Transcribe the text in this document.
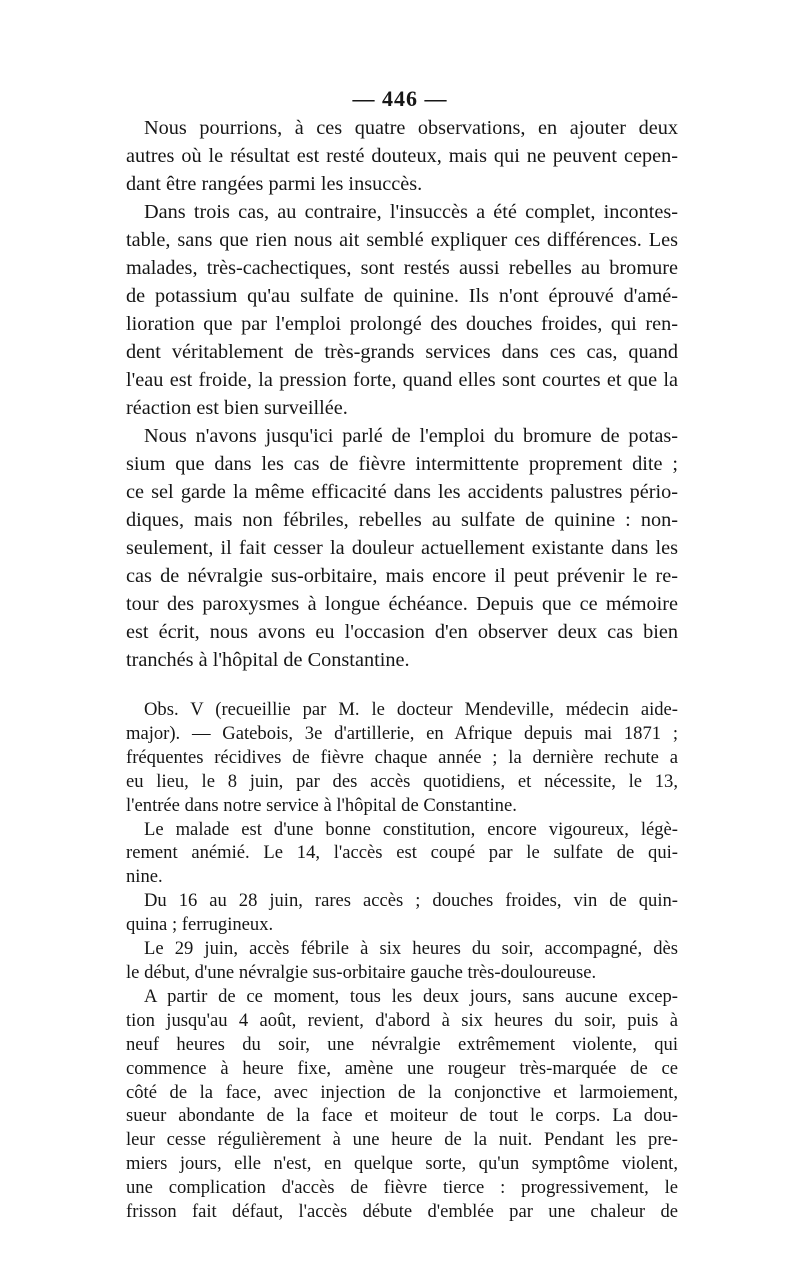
— 446 —
Nous pourrions, à ces quatre observations, en ajouter deux
autres où le résultat est resté douteux, mais qui ne peuvent cepen-
dant être rangées parmi les insuccès.
Dans trois cas, au contraire, l'insuccès a été complet, incontes-
table, sans que rien nous ait semblé expliquer ces différences. Les
malades, très-cachectiques, sont restés aussi rebelles au bromure
de potassium qu'au sulfate de quinine. Ils n'ont éprouvé d'amé-
lioration que par l'emploi prolongé des douches froides, qui ren-
dent véritablement de très-grands services dans ces cas, quand
l'eau est froide, la pression forte, quand elles sont courtes et que la
réaction est bien surveillée.
Nous n'avons jusqu'ici parlé de l'emploi du bromure de potas-
sium que dans les cas de fièvre intermittente proprement dite ;
ce sel garde la même efficacité dans les accidents palustres pério-
diques, mais non fébriles, rebelles au sulfate de quinine : non-
seulement, il fait cesser la douleur actuellement existante dans les
cas de névralgie sus-orbitaire, mais encore il peut prévenir le re-
tour des paroxysmes à longue échéance. Depuis que ce mémoire
est écrit, nous avons eu l'occasion d'en observer deux cas bien
tranchés à l'hôpital de Constantine.
Obs. V (recueillie par M. le docteur Mendeville, médecin aide-
major). — Gatebois, 3e d'artillerie, en Afrique depuis mai 1871 ;
fréquentes récidives de fièvre chaque année ; la dernière rechute a
eu lieu, le 8 juin, par des accès quotidiens, et nécessite, le 13,
l'entrée dans notre service à l'hôpital de Constantine.
Le malade est d'une bonne constitution, encore vigoureux, légè-
rement anémié. Le 14, l'accès est coupé par le sulfate de qui-
nine.
Du 16 au 28 juin, rares accès ; douches froides, vin de quin-
quina ; ferrugineux.
Le 29 juin, accès fébrile à six heures du soir, accompagné, dès
le début, d'une névralgie sus-orbitaire gauche très-douloureuse.
A partir de ce moment, tous les deux jours, sans aucune excep-
tion jusqu'au 4 août, revient, d'abord à six heures du soir, puis à
neuf heures du soir, une névralgie extrêmement violente, qui
commence à heure fixe, amène une rougeur très-marquée de ce
côté de la face, avec injection de la conjonctive et larmoiement,
sueur abondante de la face et moiteur de tout le corps. La dou-
leur cesse régulièrement à une heure de la nuit. Pendant les pre-
miers jours, elle n'est, en quelque sorte, qu'un symptôme violent,
une complication d'accès de fièvre tierce : progressivement, le
frisson fait défaut, l'accès débute d'emblée par une chaleur de
